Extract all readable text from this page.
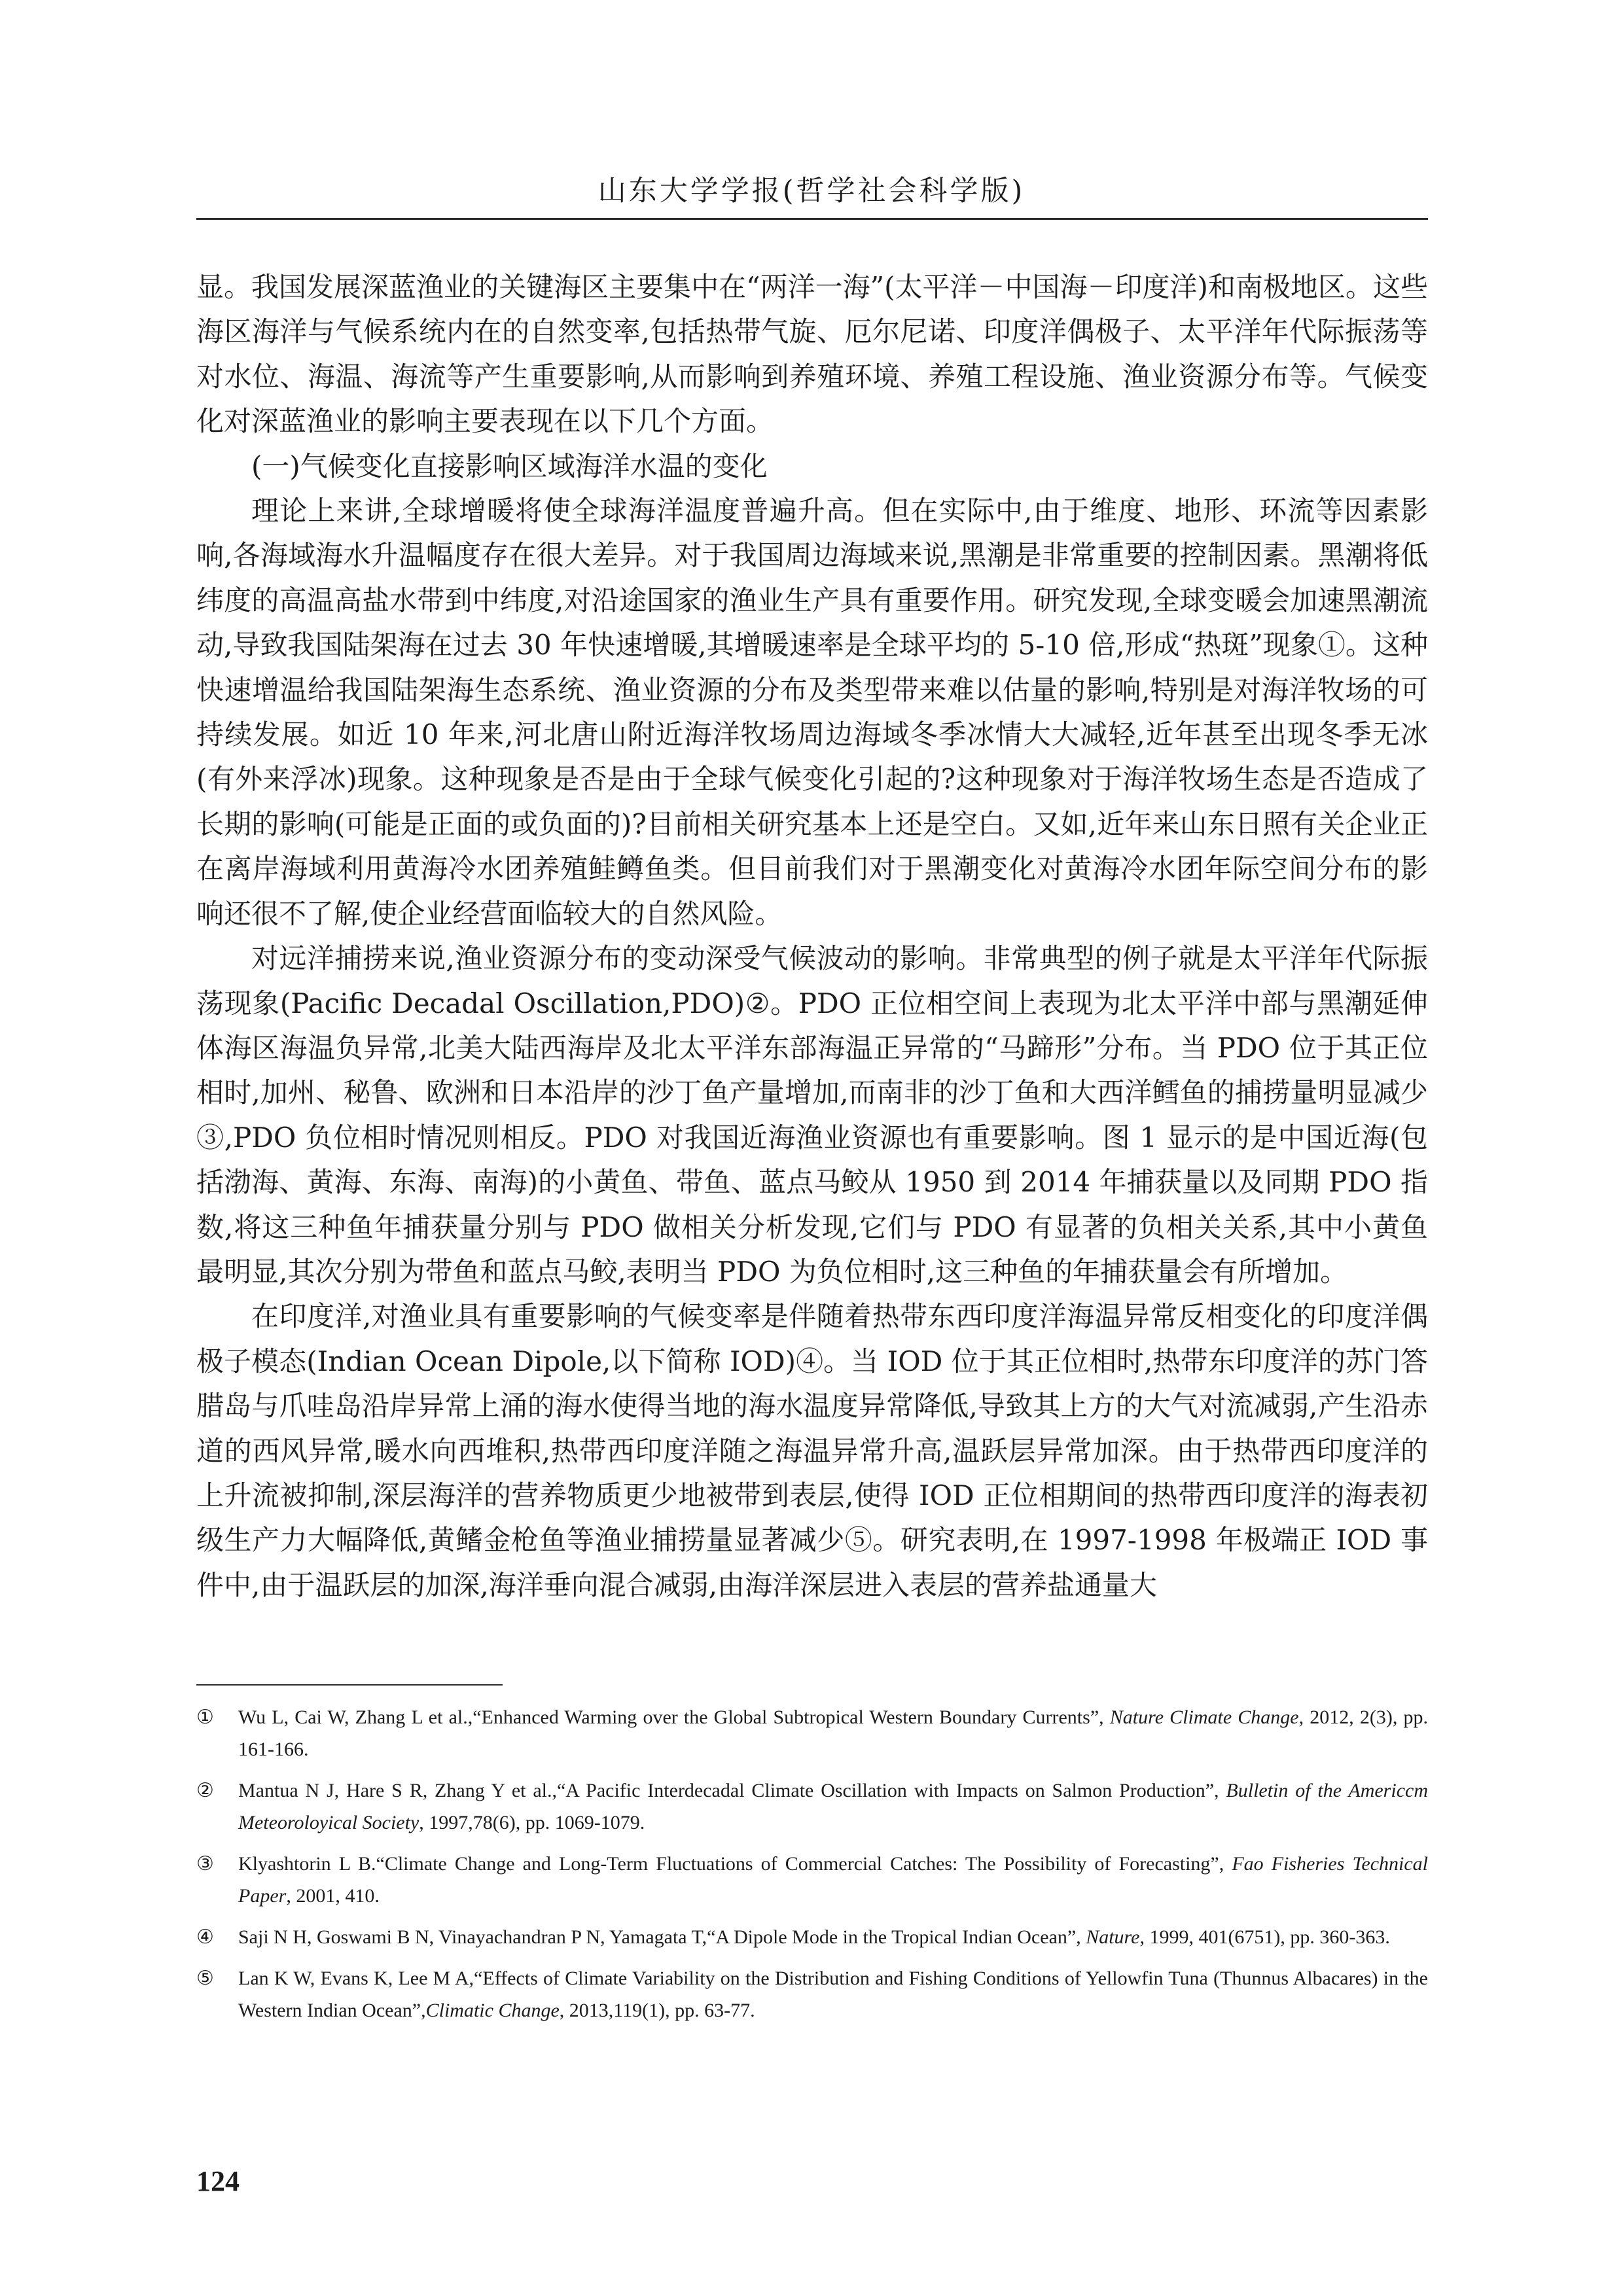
山东大学学报(哲学社会科学版)

显。我国发展深蓝渔业的关键海区主要集中在“两洋一海”(太平洋－中国海－印度洋)和南极地区。这些海区海洋与气候系统内在的自然变率,包括热带气旋、厄尔尼诺、印度洋偶极子、太平洋年代际振荡等对水位、海温、海流等产生重要影响,从而影响到养殖环境、养殖工程设施、渔业资源分布等。气候变化对深蓝渔业的影响主要表现在以下几个方面。

(一)气候变化直接影响区域海洋水温的变化

理论上来讲,全球增暖将使全球海洋温度普遍升高。但在实际中,由于维度、地形、环流等因素影响,各海域海水升温幅度存在很大差异。对于我国周边海域来说,黑潮是非常重要的控制因素。黑潮将低纬度的高温高盐水带到中纬度,对沿途国家的渔业生产具有重要作用。研究发现,全球变暖会加速黑潮流动,导致我国陆架海在过去 30 年快速增暖,其增暖速率是全球平均的 5-10 倍,形成“热斑”现象①。这种快速增温给我国陆架海生态系统、渔业资源的分布及类型带来难以估量的影响,特别是对海洋牧场的可持续发展。如近 10 年来,河北唐山附近海洋牧场周边海域冬季冰情大大减轻,近年甚至出现冬季无冰(有外来浮冰)现象。这种现象是否是由于全球气候变化引起的?这种现象对于海洋牧场生态是否造成了长期的影响(可能是正面的或负面的)?目前相关研究基本上还是空白。又如,近年来山东日照有关企业正在离岸海域利用黄海冷水团养殖鲑鳟鱼类。但目前我们对于黑潮变化对黄海冷水团年际空间分布的影响还很不了解,使企业经营面临较大的自然风险。

对远洋捕捞来说,渔业资源分布的变动深受气候波动的影响。非常典型的例子就是太平洋年代际振荡现象(Pacific Decadal Oscillation,PDO)②。PDO 正位相空间上表现为北太平洋中部与黑潮延伸体海区海温负异常,北美大陆西海岸及北太平洋东部海温正异常的“马蹄形”分布。当 PDO 位于其正位相时,加州、秘鲁、欧洲和日本沿岸的沙丁鱼产量增加,而南非的沙丁鱼和大西洋鳕鱼的捕捞量明显减少③,PDO 负位相时情况则相反。PDO 对我国近海渔业资源也有重要影响。图 1 显示的是中国近海(包括渤海、黄海、东海、南海)的小黄鱼、带鱼、蓝点马鲛从 1950 到 2014 年捕获量以及同期 PDO 指数,将这三种鱼年捕获量分别与 PDO 做相关分析发现,它们与 PDO 有显著的负相关关系,其中小黄鱼最明显,其次分别为带鱼和蓝点马鲛,表明当 PDO 为负位相时,这三种鱼的年捕获量会有所增加。

在印度洋,对渔业具有重要影响的气候变率是伴随着热带东西印度洋海温异常反相变化的印度洋偶极子模态(Indian Ocean Dipole,以下简称 IOD)④。当 IOD 位于其正位相时,热带东印度洋的苏门答腊岛与爪哇岛沿岸异常上涌的海水使得当地的海水温度异常降低,导致其上方的大气对流减弱,产生沿赤道的西风异常,暖水向西堆积,热带西印度洋随之海温异常升高,温跃层异常加深。由于热带西印度洋的上升流被抑制,深层海洋的营养物质更少地被带到表层,使得 IOD 正位相期间的热带西印度洋的海表初级生产力大幅降低,黄鳍金枪鱼等渔业捕捞量显著减少⑤。研究表明,在 1997-1998 年极端正 IOD 事件中,由于温跃层的加深,海洋垂向混合减弱,由海洋深层进入表层的营养盐通量大

① Wu L, Cai W, Zhang L et al.,“Enhanced Warming over the Global Subtropical Western Boundary Currents”, Nature Climate Change, 2012, 2(3), pp. 161-166.
② Mantua N J, Hare S R, Zhang Y et al.,“A Pacific Interdecadal Climate Oscillation with Impacts on Salmon Production”, Bulletin of the Americcm Meteoroloyical Society, 1997,78(6), pp. 1069-1079.
③ Klyashtorin L B.“Climate Change and Long-Term Fluctuations of Commercial Catches: The Possibility of Forecasting”, Fao Fisheries Technical Paper, 2001, 410.
④ Saji N H, Goswami B N, Vinayachandran P N, Yamagata T,“A Dipole Mode in the Tropical Indian Ocean”, Nature, 1999, 401(6751), pp. 360-363.
⑤ Lan K W, Evans K, Lee M A,“Effects of Climate Variability on the Distribution and Fishing Conditions of Yellowfin Tuna (Thunnus Albacares) in the Western Indian Ocean”,Climatic Change, 2013,119(1), pp. 63-77.
124
